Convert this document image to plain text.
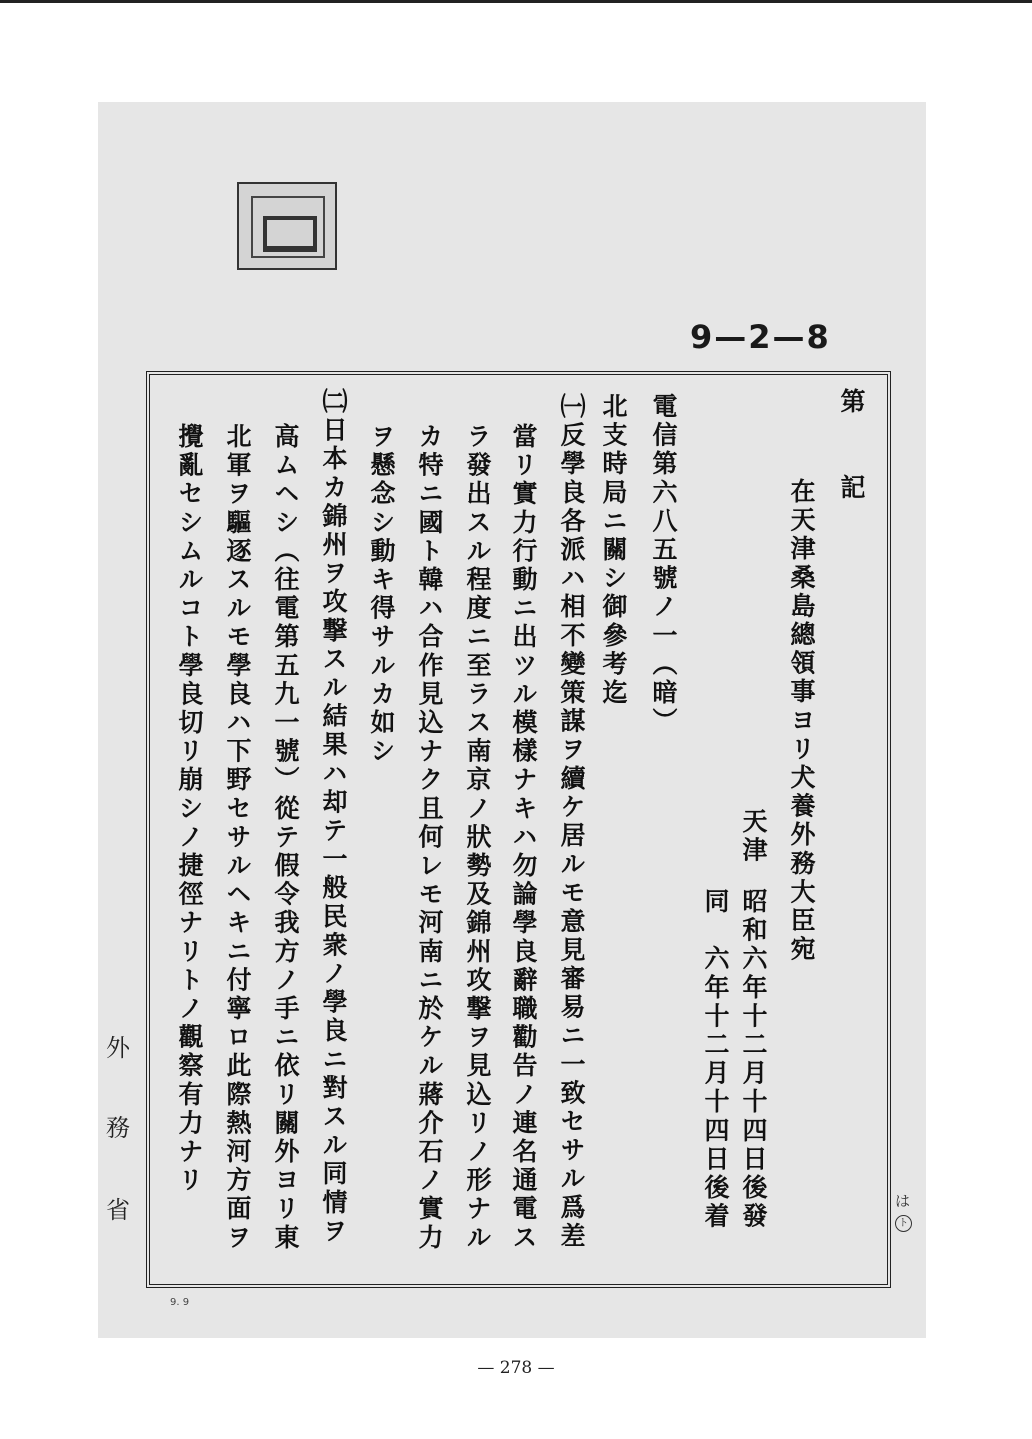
9—2—8
第　　記
在天津桑島總領事ヨリ犬養外務大臣宛
天津
昭和六年十二月十四日後發
同　六年十二月十四日後着
電信第六八五號ノ一（暗）
北支時局ニ關シ御參考迄
㈠反學良各派ハ相不變策謀ヲ續ケ居ルモ意見審易ニ一致セサル爲差
當リ實力行動ニ出ツル模樣ナキハ勿論學良辭職勸告ノ連名通電ス
ラ發出スル程度ニ至ラス南京ノ狀勢及錦州攻撃ヲ見込リノ形ナル
カ特ニ國ト韓ハ合作見込ナク且何レモ河南ニ於ケル蔣介石ノ實力
ヲ懸念シ動キ得サルカ如シ
㈡日本カ錦州ヲ攻撃スル結果ハ却テ一般民衆ノ學良ニ對スル同情ヲ
高ムヘシ（往電第五九一號）從テ假令我方ノ手ニ依リ關外ヨリ東
北軍ヲ驅逐スルモ學良ハ下野セサルヘキニ付寧ロ此際熱河方面ヲ
攪亂セシムルコト學良切リ崩シノ捷徑ナリトノ觀察有力ナリ
外
務
省	は
ト
9. 9
— 278 —
